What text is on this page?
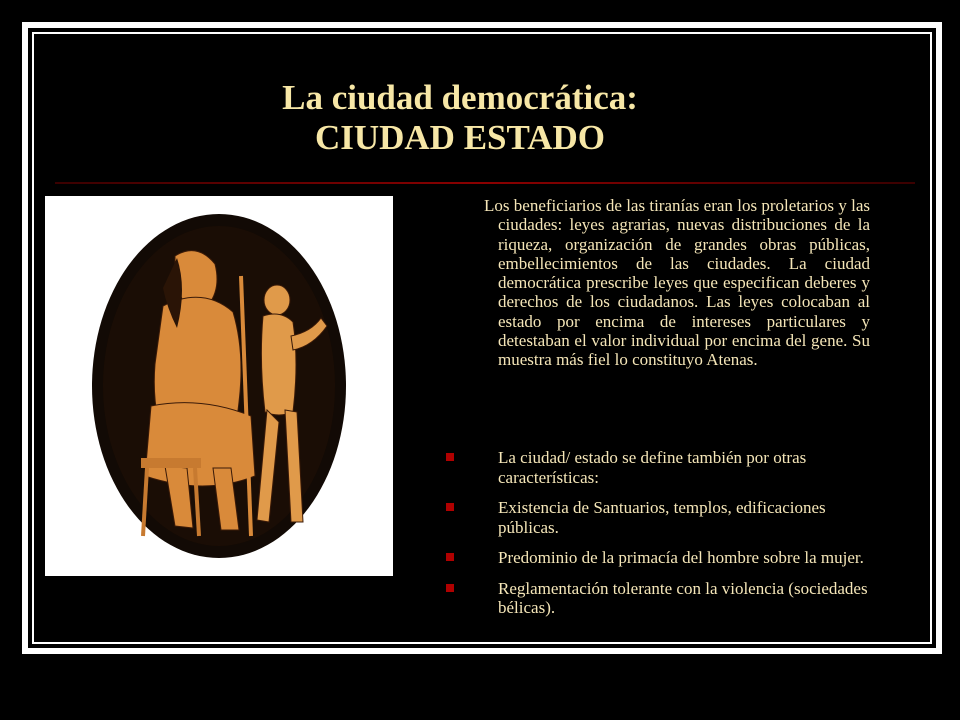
La ciudad democrática:
CIUDAD ESTADO

Los beneficiarios de las tiranías eran los proletarios y las ciudades: leyes agrarias, nuevas distribuciones de la riqueza, organización de grandes obras públicas, embellecimientos de las ciudades. La ciudad democrática prescribe leyes que especifican deberes y derechos de los ciudadanos. Las leyes colocaban al estado por encima de intereses particulares y detestaban el valor individual por encima del gene. Su muestra más fiel lo constituyo Atenas.

La ciudad/ estado se define también por otras características:
Existencia de Santuarios, templos, edificaciones públicas.
Predominio de la primacía del hombre sobre la mujer.
Reglamentación tolerante con la violencia (sociedades bélicas).
